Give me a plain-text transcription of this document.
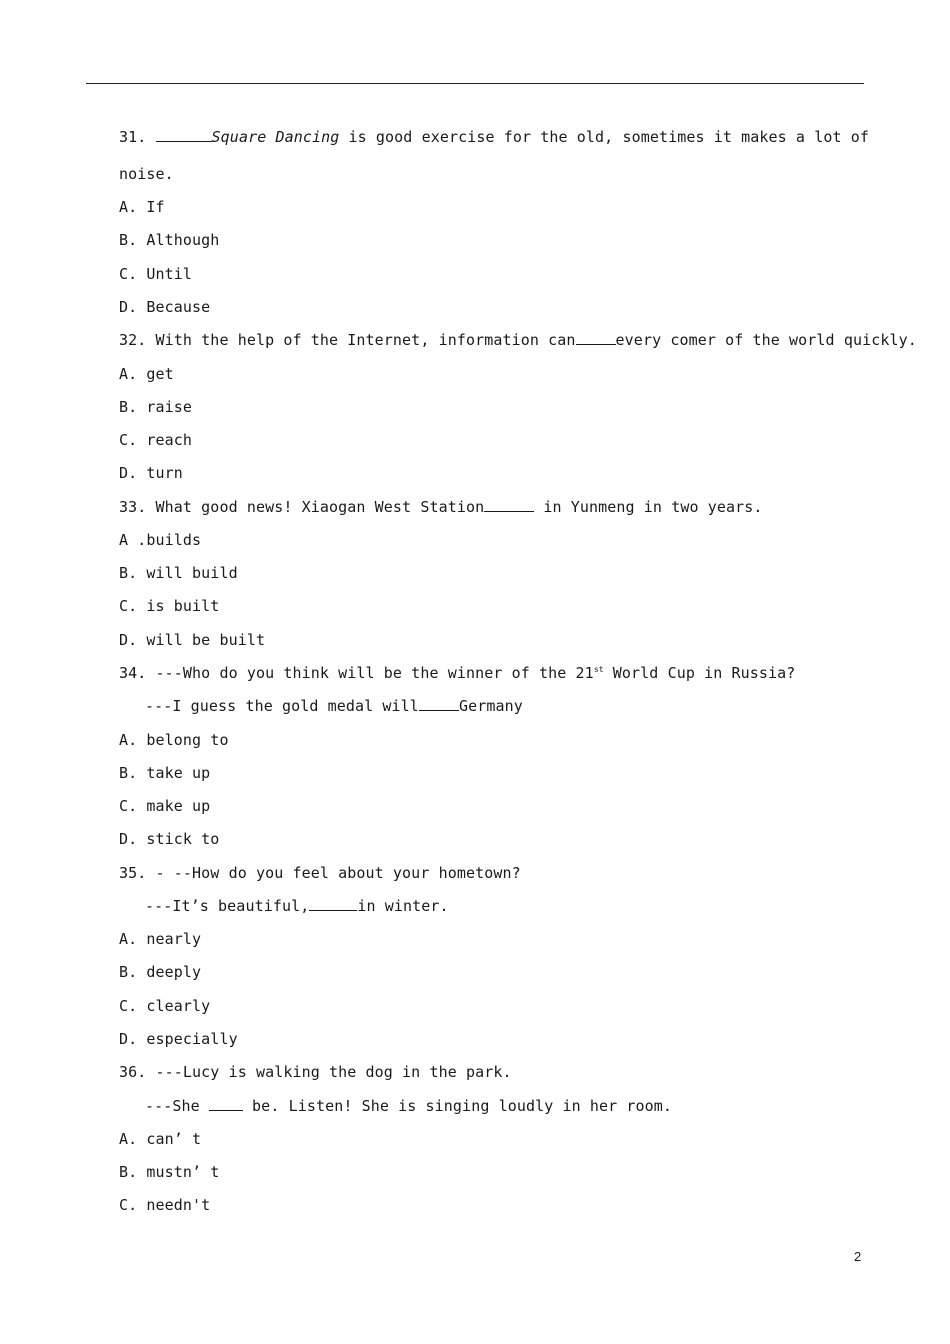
31.	Square Dancing is good exercise for the old, sometimes it makes a lot of
noise.
A. If
B. Although
C. Until
D. Because
32. With the help of the Internet, information can	every comer of the world quickly.
A. get
B. raise
C. reach
D. turn
33. What good news! Xiaogan West Station	in Yunmeng in two years.
A .builds
B. will build
C. is built
D. will be built
34. ---Who do you think will be the winner of the 21st World Cup in Russia?
---I guess the gold medal will	Germany
A. belong to
B. take up
C. make up
D. stick to
35. - --How do you feel about your hometown?
---It’s beautiful,	in winter.
A. nearly
B. deeply
C. clearly
D. especially
36. ---Lucy is walking the dog in the park.
---She  be. Listen! She is singing loudly in her room.
A. can’ t
B. mustn’ t
C. needn't
2
